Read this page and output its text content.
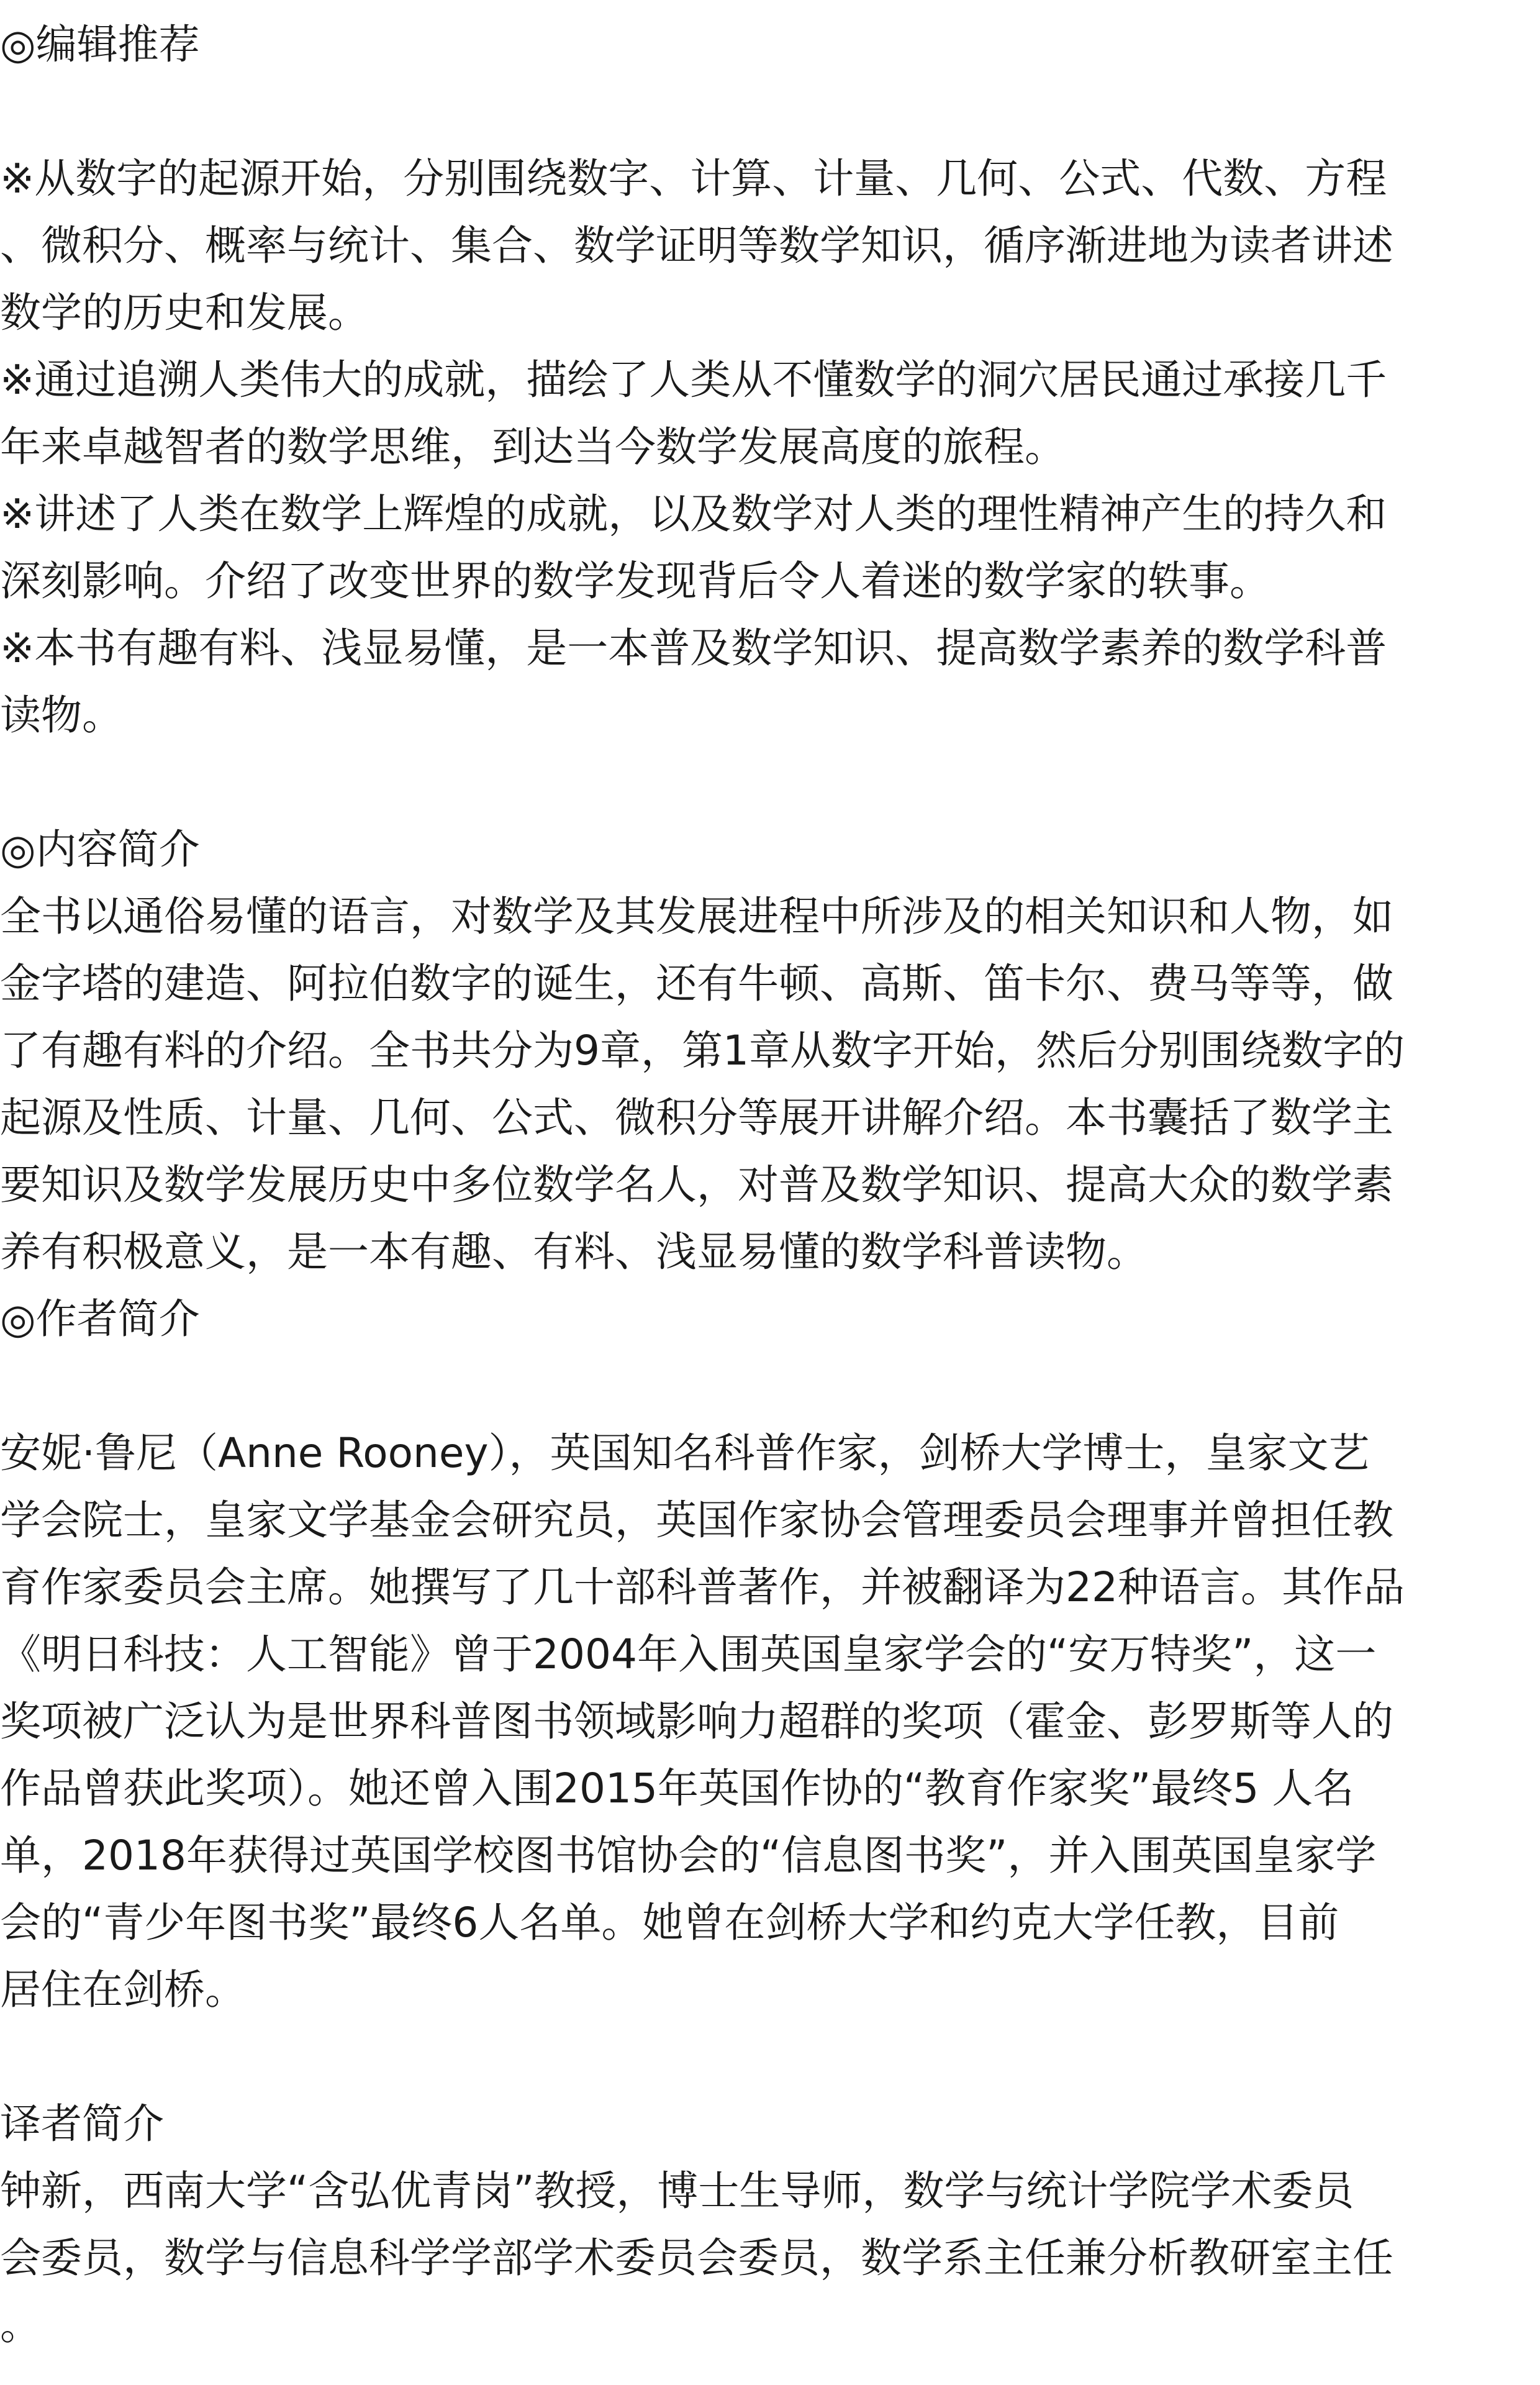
◎编辑推荐
※从数字的起源开始，分别围绕数字、计算、计量、几何、公式、代数、方程
、微积分、概率与统计、集合、数学证明等数学知识，循序渐进地为读者讲述
数学的历史和发展。
※通过追溯人类伟大的成就，描绘了人类从不懂数学的洞穴居民通过承接几千
年来卓越智者的数学思维，到达当今数学发展高度的旅程。
※讲述了人类在数学上辉煌的成就，以及数学对人类的理性精神产生的持久和
深刻影响。介绍了改变世界的数学发现背后令人着迷的数学家的轶事。
※本书有趣有料、浅显易懂，是一本普及数学知识、提高数学素养的数学科普
读物。
◎内容简介
全书以通俗易懂的语言，对数学及其发展进程中所涉及的相关知识和人物，如
金字塔的建造、阿拉伯数字的诞生，还有牛顿、高斯、笛卡尔、费马等等，做
了有趣有料的介绍。全书共分为9章，第1章从数字开始，然后分别围绕数字的
起源及性质、计量、几何、公式、微积分等展开讲解介绍。本书囊括了数学主
要知识及数学发展历史中多位数学名人，对普及数学知识、提高大众的数学素
养有积极意义，是一本有趣、有料、浅显易懂的数学科普读物。
◎作者简介
安妮·鲁尼（Anne Rooney），英国知名科普作家，剑桥大学博士，皇家文艺
学会院士，皇家文学基金会研究员，英国作家协会管理委员会理事并曾担任教
育作家委员会主席。她撰写了几十部科普著作，并被翻译为22种语言。其作品
《明日科技：人工智能》曾于2004年入围英国皇家学会的“安万特奖”，这一
奖项被广泛认为是世界科普图书领域影响力超群的奖项（霍金、彭罗斯等人的
作品曾获此奖项）。她还曾入围2015年英国作协的“教育作家奖”最终5 人名
单，2018年获得过英国学校图书馆协会的“信息图书奖”，并入围英国皇家学
会的“青少年图书奖”最终6人名单。她曾在剑桥大学和约克大学任教，目前
居住在剑桥。
译者简介
钟新，西南大学“含弘优青岗”教授，博士生导师，数学与统计学院学术委员
会委员，数学与信息科学学部学术委员会委员，数学系主任兼分析教研室主任
。
